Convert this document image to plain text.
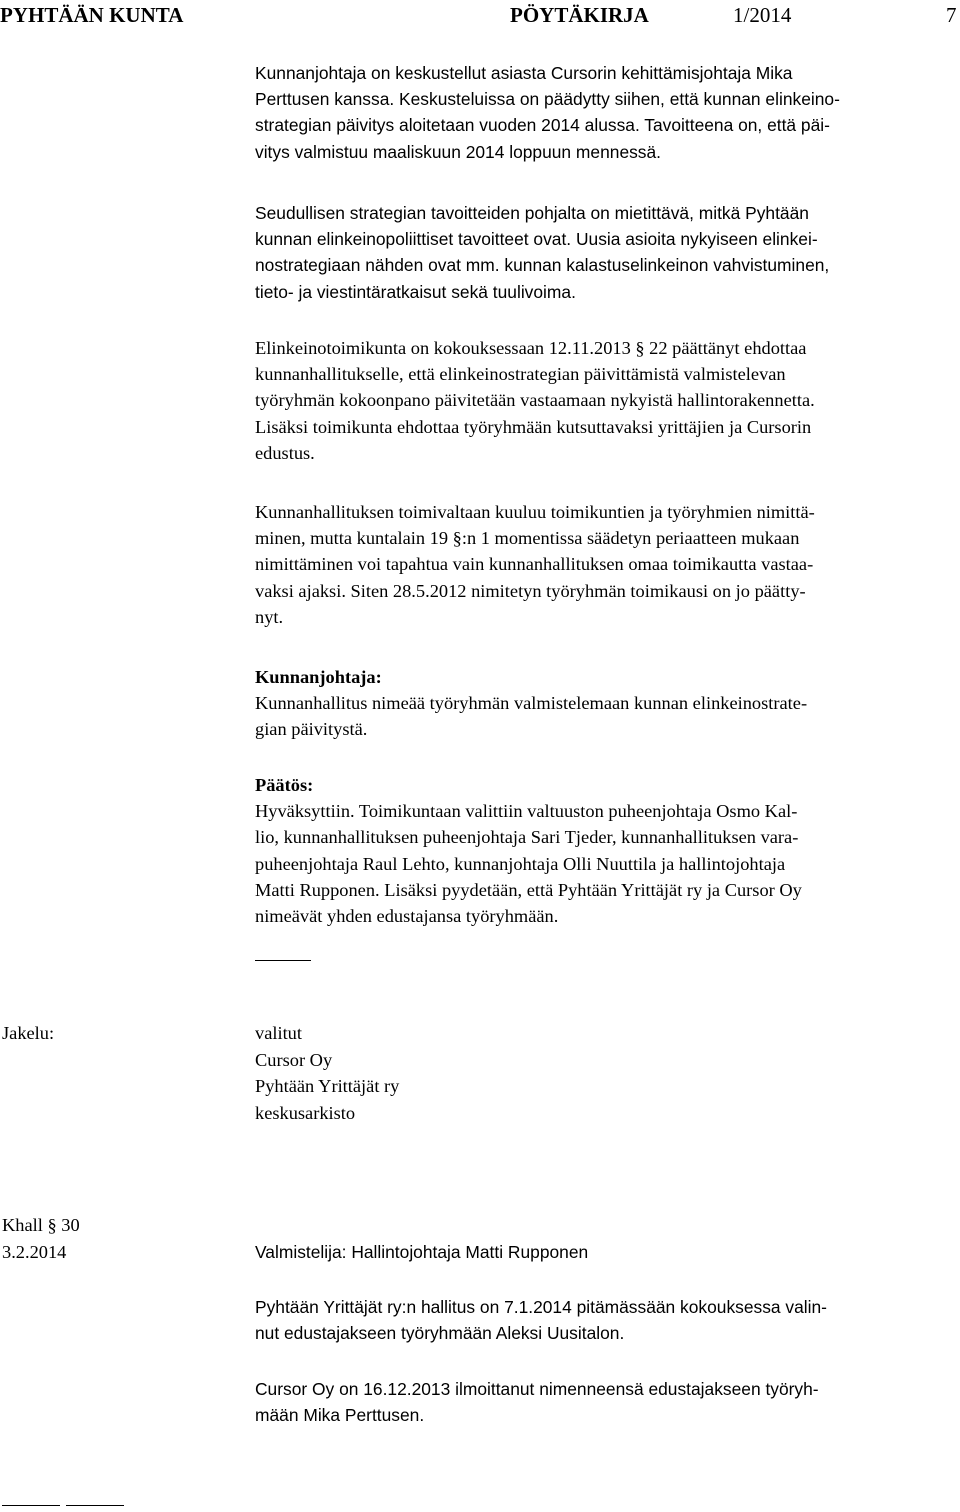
PYHTÄÄN KUNTA	PÖYTÄKIRJA	1/2014	7
Kunnanjohtaja on keskustellut asiasta Cursorin kehittämisjohtaja Mika
Perttusen kanssa. Keskusteluissa on päädytty siihen, että kunnan elinkeino-
strategian päivitys aloitetaan vuoden 2014 alussa. Tavoitteena on, että päi-
vitys valmistuu maaliskuun 2014 loppuun mennessä.
Seudullisen strategian tavoitteiden pohjalta on mietittävä, mitkä Pyhtään
kunnan elinkeinopoliittiset tavoitteet ovat. Uusia asioita nykyiseen elinkei-
nostrategiaan nähden ovat mm. kunnan kalastuselinkeinon vahvistuminen,
tieto- ja viestintäratkaisut sekä tuulivoima.
Elinkeinotoimikunta on kokouksessaan 12.11.2013 § 22 päättänyt ehdottaa
kunnanhallitukselle, että elinkeinostrategian päivittämistä valmistelevan
työryhmän kokoonpano päivitetään vastaamaan nykyistä hallintorakennetta.
Lisäksi toimikunta ehdottaa työryhmään kutsuttavaksi yrittäjien ja Cursorin
edustus.
Kunnanhallituksen toimivaltaan kuuluu toimikuntien ja työryhmien nimittä-
minen, mutta kuntalain 19 §:n 1 momentissa säädetyn periaatteen mukaan
nimittäminen voi tapahtua vain kunnanhallituksen omaa toimikautta vastaa-
vaksi ajaksi. Siten 28.5.2012 nimitetyn työryhmän toimikausi on jo päätty-
nyt.
Kunnanjohtaja:
Kunnanhallitus nimeää työryhmän valmistelemaan kunnan elinkeinostrate-
gian päivitystä.
Päätös:
Hyväksyttiin. Toimikuntaan valittiin valtuuston puheenjohtaja Osmo Kal-
lio, kunnanhallituksen puheenjohtaja Sari Tjeder, kunnanhallituksen vara-
puheenjohtaja Raul Lehto, kunnanjohtaja Olli Nuuttila ja hallintojohtaja
Matti Rupponen. Lisäksi pyydetään, että Pyhtään Yrittäjät ry ja Cursor Oy
nimeävät yhden edustajansa työryhmään.
Jakelu:	valitut
Cursor Oy
Pyhtään Yrittäjät ry
keskusarkisto
Khall § 30
3.2.2014	Valmistelija: Hallintojohtaja Matti Rupponen
Pyhtään Yrittäjät ry:n hallitus on 7.1.2014 pitämässään kokouksessa valin-
nut edustajakseen työryhmään Aleksi Uusitalon.
Cursor Oy on 16.12.2013 ilmoittanut nimenneensä edustajakseen työryh-
mään Mika Perttusen.
